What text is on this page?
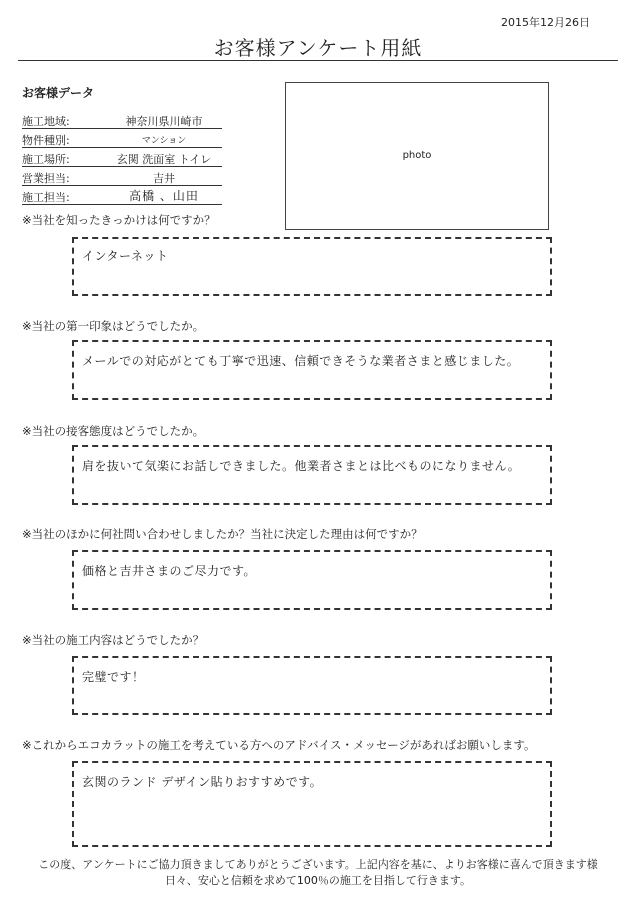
2015年12月26日
お客様アンケート用紙
お客様データ
施工地域:	神奈川県川崎市
物件種別:	マンション
施工場所:	玄関 洗面室 トイレ
営業担当:	吉井
施工担当:	高橋 、山田
photo
※当社を知ったきっかけは何ですか？
インターネット
※当社の第一印象はどうでしたか。
メールでの対応がとても丁寧で迅速、信頼できそうな業者さまと感じました。
※当社の接客態度はどうでしたか。
肩を抜いて気楽にお話しできました。他業者さまとは比べものになりません。
※当社のほかに何社問い合わせしましたか？当社に決定した理由は何ですか？
価格と吉井さまのご尽力です。
※当社の施工内容はどうでしたか？
完璧です！
※これからエコカラットの施工を考えている方へのアドバイス・メッセージがあればお願いします。
玄関のランド デザイン貼りおすすめです。
この度、アンケートにご協力頂きましてありがとうございます。上記内容を基に、よりお客様に喜んで頂きます様
日々、安心と信頼を求めて100％の施工を目指して行きます。
